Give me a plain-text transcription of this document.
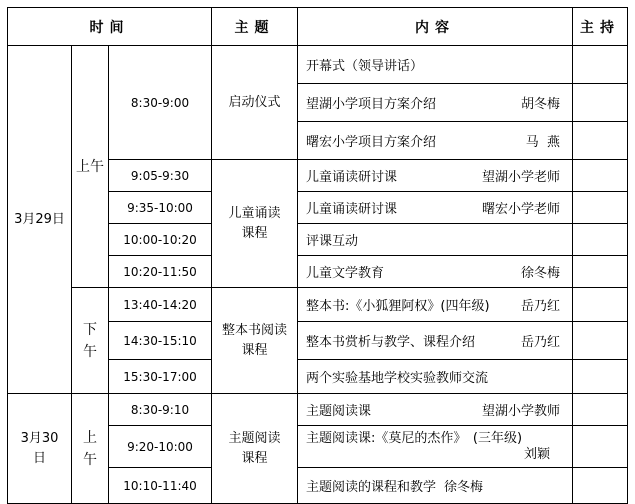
时间			主题	内容	主持
3月29日	上午	8:30-9:00	启动仪式	开幕式（领导讲话）	

				望湖小学项目方案介绍 胡冬梅	

				曙宏小学项目方案介绍 马  燕	

		9:05-9:30	儿童诵读课程	儿童诵读研讨课 望湖小学老师	

		9:35-10:00		儿童诵读研讨课 曙宏小学老师	

		10:00-10:20		评课互动	

		10:20-11:50		儿童文学教育 徐冬梅	

	下午	13:40-14:20	整本书阅读课程	整本书:《小狐狸阿权》(四年级) 岳乃红	

		14:30-15:10		整本书赏析与教学、课程介绍 岳乃红	

		15:30-17:00		两个实验基地学校实验教师交流	

3月30日	上午	8:30-9:10	主题阅读课程	主题阅读课 望湖小学教师	

		9:20-10:00		主题阅读课:《莫尼的杰作》　(三年级)
刘颖	

		10:10-11:40		主题阅读的课程和教学 徐冬梅	
